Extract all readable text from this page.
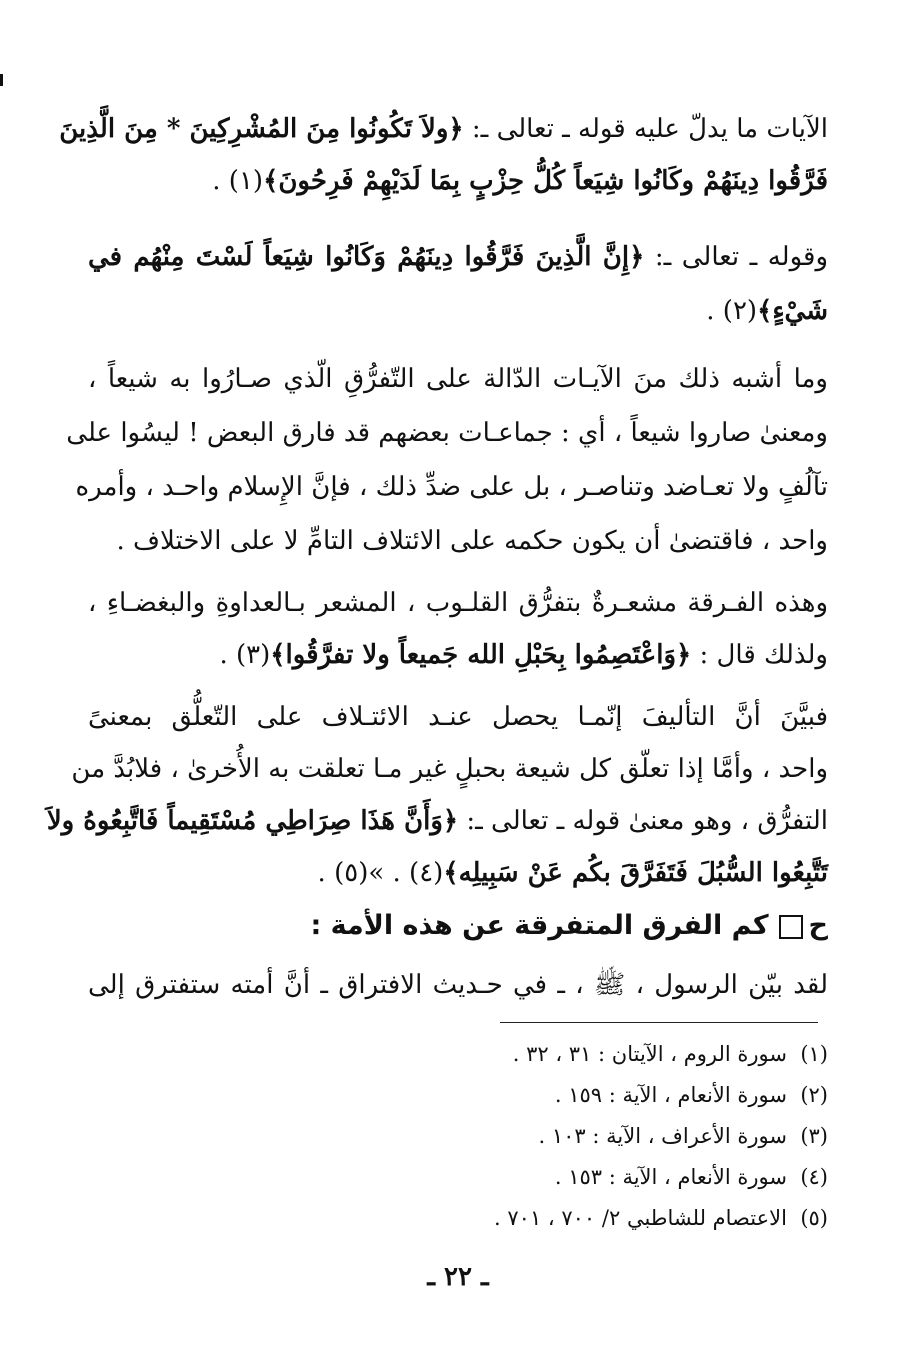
الآيات ما يدلّ عليه قوله ـ تعالى ـ: ﴿ولاَ تَكُونُوا مِنَ المُشْرِكِينَ * مِنَ الَّذِينَ
فَرَّقُوا دِينَهُمْ وكَانُوا شِيَعاً كُلُّ حِزْبٍ بِمَا لَدَيْهِمْ فَرِحُونَ﴾(١) .
وقوله ـ تعالى ـ: ﴿إِنَّ الَّذِينَ فَرَّقُوا دِينَهُمْ وَكَانُوا شِيَعاً لَسْتَ مِنْهُم في
شَيْءٍ﴾(٢) .
وما أشبه ذلك منَ الآيـات الدّالة على التّفرُّقِ الّذي صـارُوا به شيعاً ،
ومعنىٰ صاروا شيعاً ، أي : جماعـات بعضهم قد فارق البعض ! ليسُوا على
تآلُفٍ ولا تعـاضد وتناصـر ، بل على ضدِّ ذلك ، فإنَّ الإِسلام واحـد ، وأمره
واحد ، فاقتضىٰ أن يكون حكمه على الائتلاف التامِّ لا على الاختلاف .
وهذه الفـرقة مشعـرةٌ بتفرُّق القلـوب ، المشعر بـالعداوةِ والبغضـاءِ ،
ولذلك قال : ﴿وَاعْتَصِمُوا بِحَبْلِ الله جَميعاً ولا تفرَّقُوا﴾(٣) .
فبيَّنَ أنَّ التأليفَ إنّمـا يحصل عنـد الائتـلاف على التّعلُّق بمعنىً
واحد ، وأمَّا إذا تعلّق كل شيعة بحبلٍ غير مـا تعلقت به الأُخرىٰ ، فلابُدَّ من
التفرُّق ، وهو معنىٰ قوله ـ تعالى ـ: ﴿وَأَنَّ هَذَا صِرَاطِي مُسْتَقِيماً فَاتَّبِعُوهُ ولاَ
تَتَّبِعُوا السُّبُلَ فَتَفَرَّقَ بكُم عَنْ سَبِيلِه﴾(٤) . »(٥) .
حكم الفرق المتفرقة عن هذه الأمة :
لقد بيّن الرسول ، ﷺ ، ـ في حـديث الافتراق ـ أنَّ أمته ستفترق إلى
(١)  سورة الروم ، الآيتان : ٣١ ، ٣٢ .
(٢)  سورة الأنعام ، الآية : ١٥٩ .
(٣)  سورة الأعراف ، الآية : ١٠٣ .
(٤)  سورة الأنعام ، الآية : ١٥٣ .
(٥)  الاعتصام للشاطبي ٢/ ٧٠٠ ، ٧٠١ .
ـ ٢٢ ـ
